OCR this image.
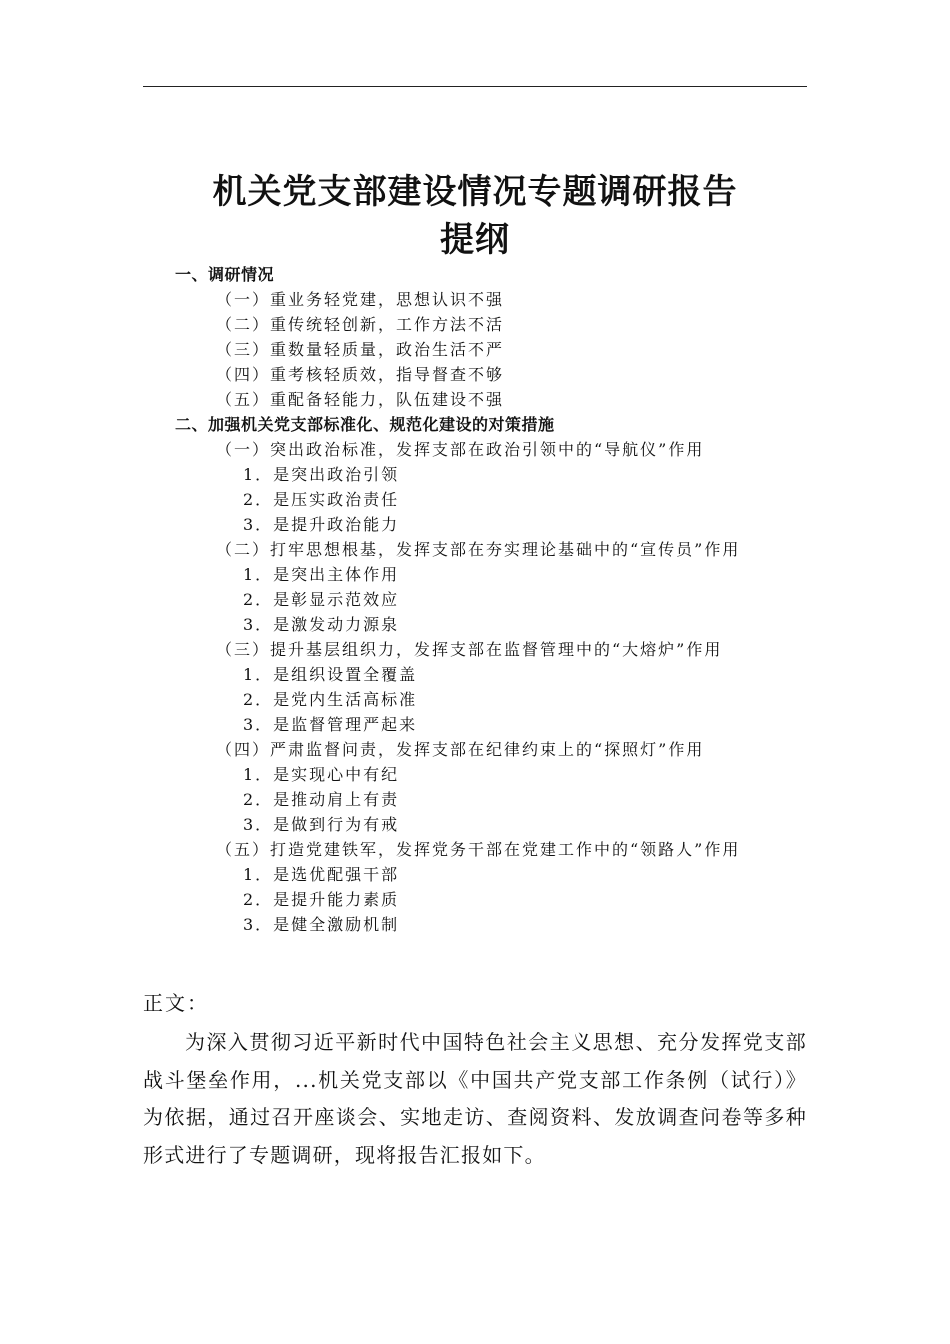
机关党支部建设情况专题调研报告
提纲
一、调研情况
（一）重业务轻党建，思想认识不强
（二）重传统轻创新，工作方法不活
（三）重数量轻质量，政治生活不严
（四）重考核轻质效，指导督查不够
（五）重配备轻能力，队伍建设不强
二、加强机关党支部标准化、规范化建设的对策措施
（一）突出政治标准，发挥支部在政治引领中的“导航仪”作用
1．是突出政治引领
2．是压实政治责任
3．是提升政治能力
（二）打牢思想根基，发挥支部在夯实理论基础中的“宣传员”作用
1．是突出主体作用
2．是彰显示范效应
3．是激发动力源泉
（三）提升基层组织力，发挥支部在监督管理中的“大熔炉”作用
1．是组织设置全覆盖
2．是党内生活高标准
3．是监督管理严起来
（四）严肃监督问责，发挥支部在纪律约束上的“探照灯”作用
1．是实现心中有纪
2．是推动肩上有责
3．是做到行为有戒
（五）打造党建铁军，发挥党务干部在党建工作中的“领路人”作用
1．是选优配强干部
2．是提升能力素质
3．是健全激励机制
正文：

为深入贯彻习近平新时代中国特色社会主义思想、充分发挥党支部战斗堡垒作用，...机关党支部以《中国共产党支部工作条例（试行）》为依据，通过召开座谈会、实地走访、查阅资料、发放调查问卷等多种形式进行了专题调研，现将报告汇报如下。
